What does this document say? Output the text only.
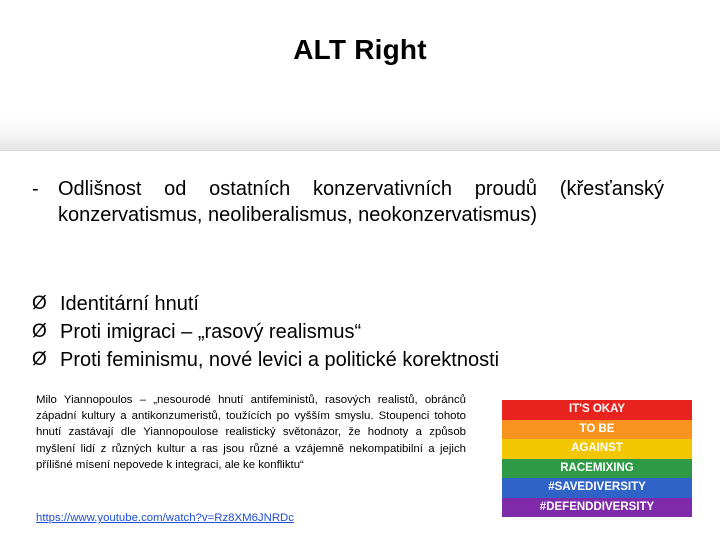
ALT Right
- Odlišnost od ostatních konzervativních proudů (křesťanský konzervatismus, neoliberalismus, neokonzervatismus)
Ø Identitární hnutí
Ø Proti imigraci – „rasový realismus“
Ø Proti feminismu, nové levici a politické korektnosti
Milo Yiannopoulos – „nesourodé hnutí antifeministů, rasových realistů, obránců západní kultury a antikonzumeristů, toužících po vyšším smyslu. Stoupenci tohoto hnutí zastávají dle Yiannopoulose realistický světonázor, že hodnoty a způsob myšlení lidí z různých kultur a ras jsou různé a vzájemně nekompatibilní a jejich přílišné mísení nepovede k integraci, ale ke konfliktu“
https://www.youtube.com/watch?v=Rz8XM6JNRDc
IT'S OKAY
TO BE
AGAINST
RACEMIXING
#SAVEDIVERSITY
#DEFENDDIVERSITY
